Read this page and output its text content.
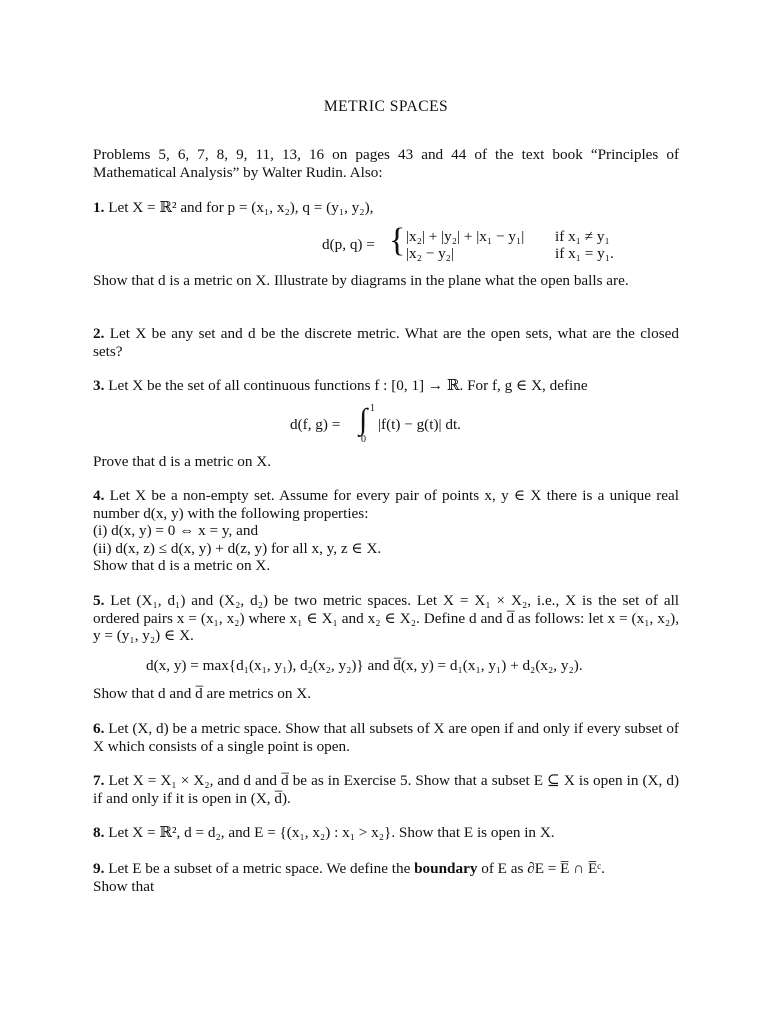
METRIC SPACES

Problems 5, 6, 7, 8, 9, 11, 13, 16 on pages 43 and 44 of the text book “Principles of Mathematical Analysis” by Walter Rudin. Also:

1. Let X = ℝ² and for p = (x₁, x₂), q = (y₁, y₂),

d(p, q) = { |x₂| + |y₂| + |x₁ − y₁| if x₁ ≠ y₁
|x₂ − y₂|	if x₁ = y₁.

Show that d is a metric on X. Illustrate by diagrams in the plane what the open balls are.

2. Let X be any set and d be the discrete metric. What are the open sets, what are the closed sets?

3. Let X be the set of all continuous functions f : [0, 1] → ℝ. For f, g ∈ X, define

d(f, g) = ∫ 1
0
|f(t) − g(t)| dt.

Prove that d is a metric on X.

4. Let X be a non-empty set. Assume for every pair of points x, y ∈ X there is a unique real number d(x, y) with the following properties:

(i) d(x, y) = 0 ⇔ x = y, and

(ii) d(x, z) ≤ d(x, y) + d(z, y) for all x, y, z ∈ X.

Show that d is a metric on X.

5. Let (X₁, d₁) and (X₂, d₂) be two metric spaces. Let X = X₁ × X₂, i.e., X is the set of all ordered pairs x = (x₁, x₂) where x₁ ∈ X₁ and x₂ ∈ X₂. Define d and d̅ as follows: let x = (x₁, x₂), y = (y₁, y₂) ∈ X.

d(x, y) = max{d₁(x₁, y₁), d₂(x₂, y₂)} and d̅(x, y) = d₁(x₁, y₁) + d₂(x₂, y₂).

Show that d and d̅ are metrics on X.

6. Let (X, d) be a metric space. Show that all subsets of X are open if and only if every subset of X which consists of a single point is open.

7. Let X = X₁ × X₂, and d and d̅ be as in Exercise 5. Show that a subset E ⊆ X is open in (X, d) if and only if it is open in (X, d̅).

8. Let X = ℝ², d = d₂, and E = {(x₁, x₂) : x₁ > x₂}. Show that E is open in X.

9. Let E be a subset of a metric space. We define the boundary of E as ∂E = E̅ ∩ E̅ᶜ.

Show that
